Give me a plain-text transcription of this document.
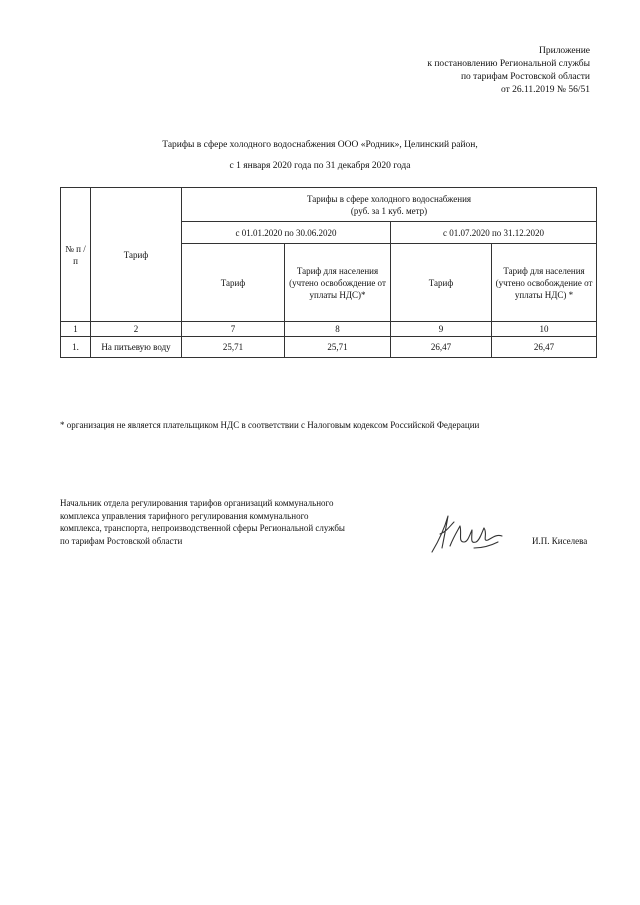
Приложение
к постановлению Региональной службы
по тарифам Ростовской области
от 26.11.2019 № 56/51
Тарифы в сфере холодного водоснабжения ООО «Родник», Целинский район,
с 1 января 2020 года по 31 декабря 2020 года
№ п /п	Тариф	Тарифы в сфере холодного водоснабжения
(руб. за 1 куб. метр)			

		с 01.01.2020 по 30.06.2020		с 01.07.2020 по 31.12.2020	
		Тариф	Тариф для населения (учтено освобождение от уплаты НДС)*	Тариф	Тариф для населения (учтено освобождение от уплаты НДС) *
1	2	7	8	9	10
1.	На питьевую воду	25,71	25,71	26,47	26,47
* организация не является плательщиком НДС в соответствии с Налоговым кодексом Российской Федерации
Начальник отдела регулирования тарифов организаций коммунального
комплекса управления тарифного регулирования коммунального
комплекса, транспорта, непроизводственной сферы Региональной службы
по тарифам Ростовской области	И.П. Киселева
